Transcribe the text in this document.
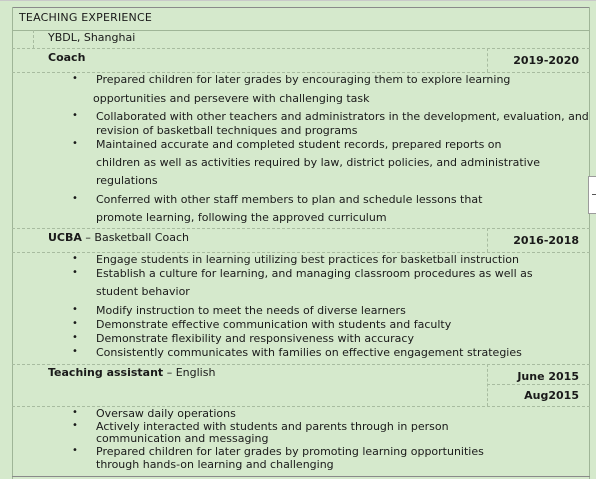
TEACHING EXPERIENCE
YBDL, Shanghai
Coach	2019-2020
• Prepared children for later grades by encouraging them to explore learning
opportunities and persevere with challenging task
• Collaborated with other teachers and administrators in the development, evaluation, and
revision of basketball techniques and programs
• Maintained accurate and completed student records, prepared reports on
children as well as activities required by law, district policies, and administrative
regulations
• Conferred with other staff members to plan and schedule lessons that
promote learning, following the approved curriculum
UCBA – Basketball Coach	2016-2018
• Engage students in learning utilizing best practices for basketball instruction
• Establish a culture for learning, and managing classroom procedures as well as
student behavior
• Modify instruction to meet the needs of diverse learners
• Demonstrate effective communication with students and faculty
• Demonstrate flexibility and responsiveness with accuracy
• Consistently communicates with families on effective engagement strategies
Teaching assistant – English	June 2015
Aug2015
• Oversaw daily operations
• Actively interacted with students and parents through in person
communication and messaging
• Prepared children for later grades by promoting learning opportunities
through hands-on learning and challenging
